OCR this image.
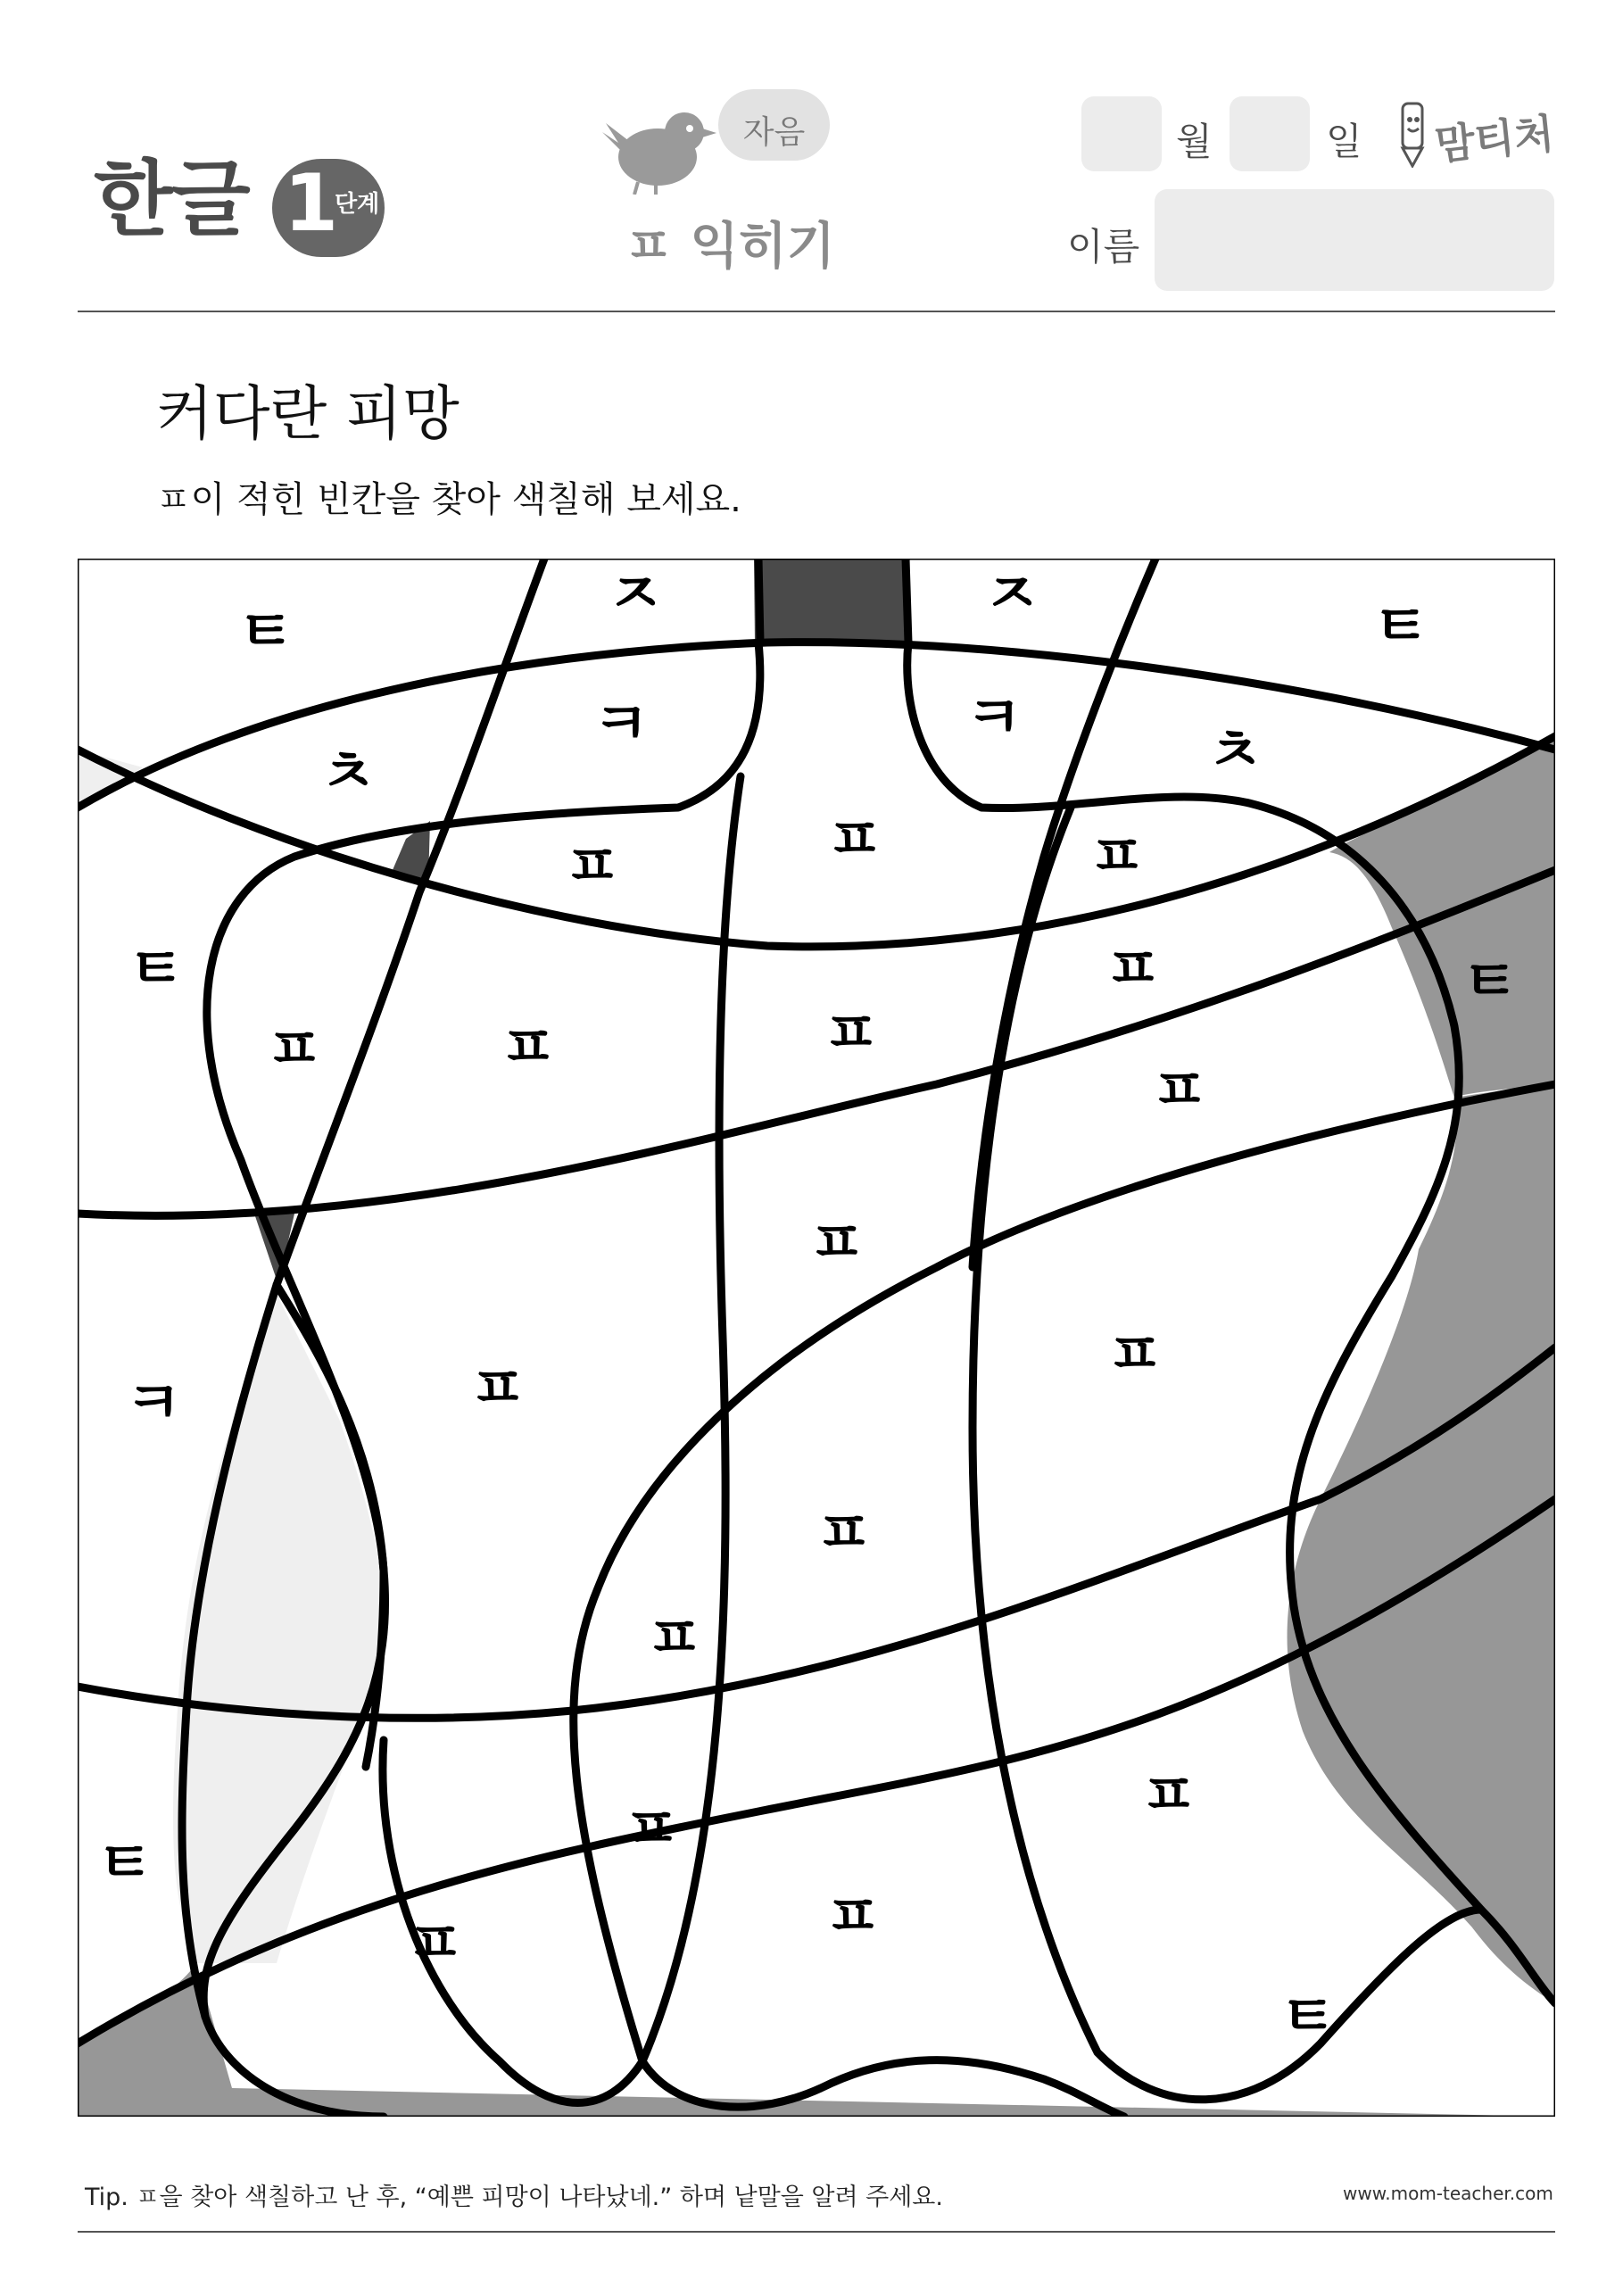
한글 1
단계
자음
ㅍ 익히기
월	일
이름
맘티처
커다란 피망
ㅍ이 적힌 빈칸을 찾아 색칠해 보세요.
ㅌ
ㅈ	ㅈ	ㅌ
ㅊ
ㅋ	ㅋ	ㅊ
ㅍ	ㅍ	ㅍ
ㅌ	ㅍ	ㅌ
ㅍ	ㅍ	ㅍ
ㅍ
ㅍ
ㅋ	ㅍ	ㅍ
ㅍ
ㅍ
ㅍ
ㅍ
ㅌ
ㅍ
ㅍ
ㅌ
Tip. ㅍ을 찾아 색칠하고 난 후, “예쁜 피망이 나타났네.” 하며 낱말을 알려 주세요.	www.mom-teacher.com
